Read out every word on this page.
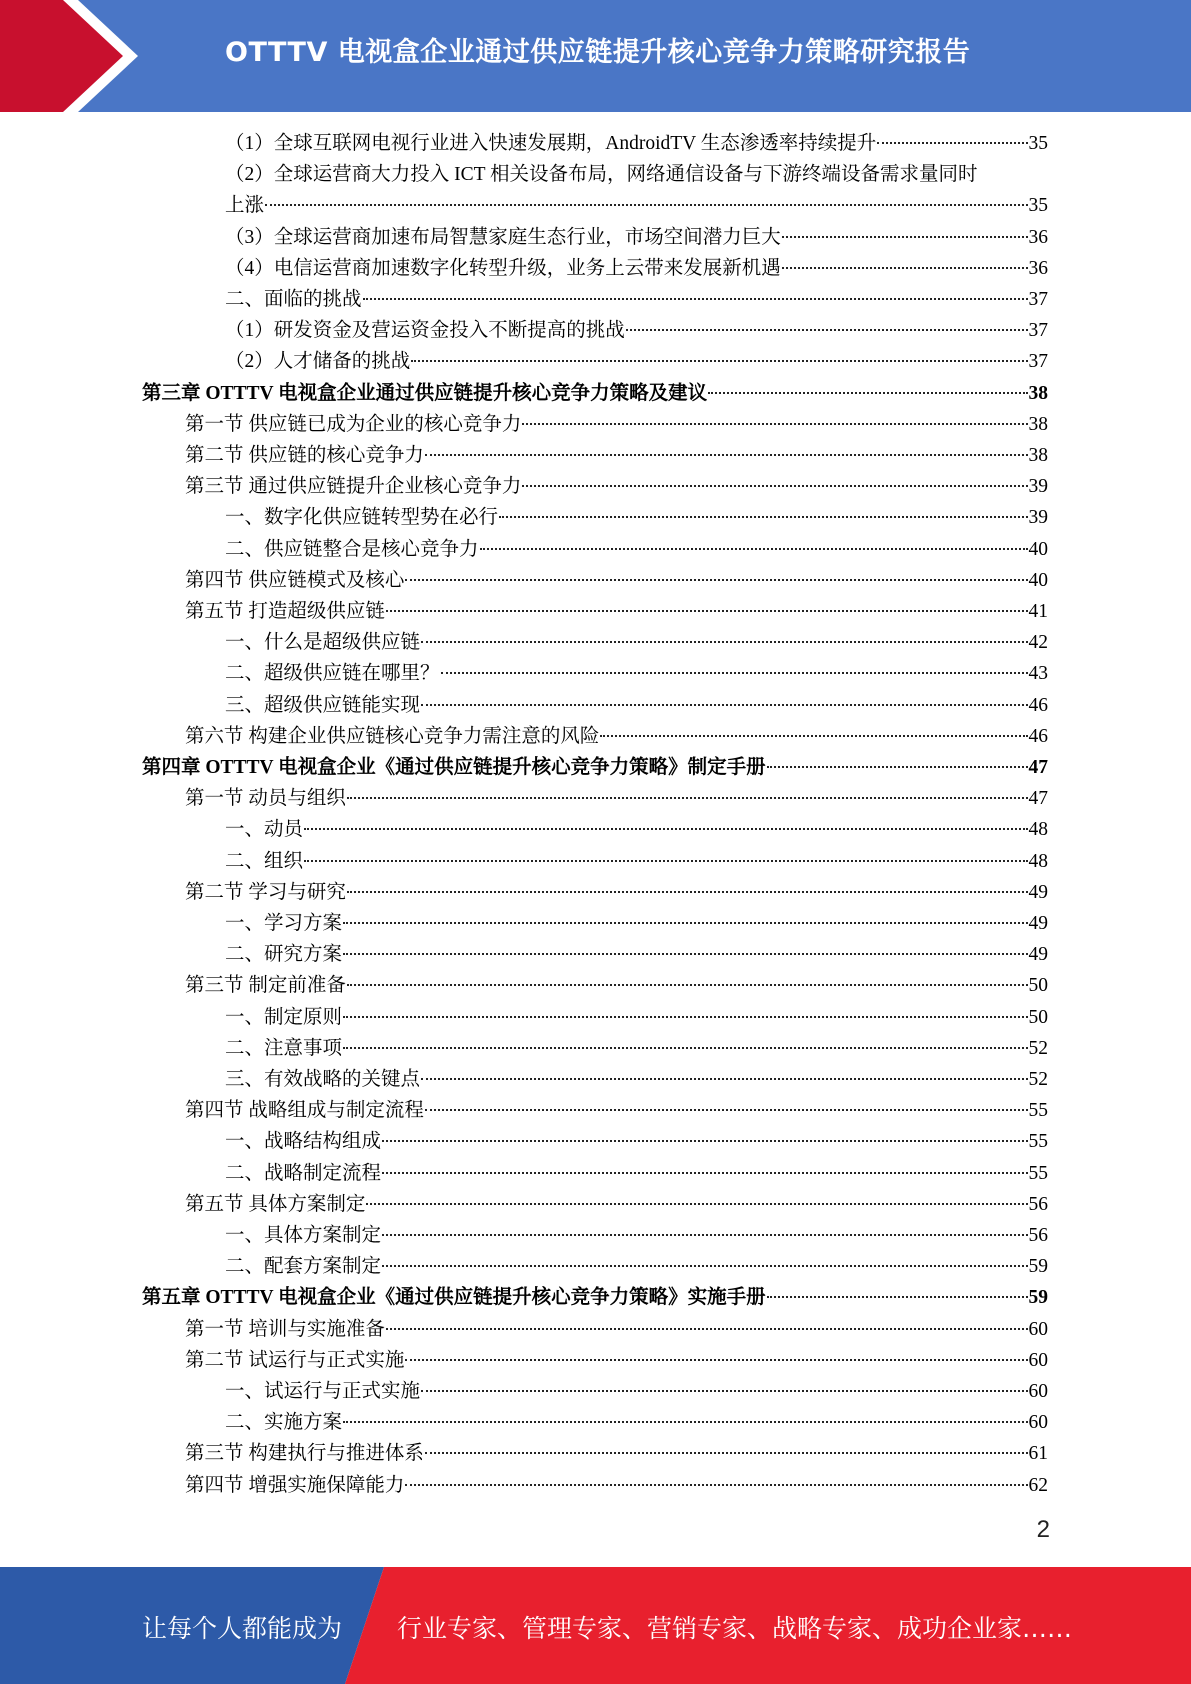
OTTTV 电视盒企业通过供应链提升核心竞争力策略研究报告
（1）全球互联网电视行业进入快速发展期，AndroidTV 生态渗透率持续提升	35
（2）全球运营商大力投入 ICT 相关设备布局，网络通信设备与下游终端设备需求量同时
上涨	35
（3）全球运营商加速布局智慧家庭生态行业，市场空间潜力巨大	36
（4）电信运营商加速数字化转型升级，业务上云带来发展新机遇	36
二、面临的挑战	37
（1）研发资金及营运资金投入不断提高的挑战	37
（2）人才储备的挑战	37
第三章 OTTTV 电视盒企业通过供应链提升核心竞争力策略及建议	38
第一节 供应链已成为企业的核心竞争力	38
第二节 供应链的核心竞争力	38
第三节 通过供应链提升企业核心竞争力	39
一、数字化供应链转型势在必行	39
二、供应链整合是核心竞争力	40
第四节 供应链模式及核心	40
第五节 打造超级供应链	41
一、什么是超级供应链	42
二、超级供应链在哪里？	43
三、超级供应链能实现	46
第六节 构建企业供应链核心竞争力需注意的风险	46
第四章 OTTTV 电视盒企业《通过供应链提升核心竞争力策略》制定手册	47
第一节 动员与组织	47
一、动员	48
二、组织	48
第二节 学习与研究	49
一、学习方案	49
二、研究方案	49
第三节 制定前准备	50
一、制定原则	50
二、注意事项	52
三、有效战略的关键点	52
第四节 战略组成与制定流程	55
一、战略结构组成	55
二、战略制定流程	55
第五节 具体方案制定	56
一、具体方案制定	56
二、配套方案制定	59
第五章 OTTTV 电视盒企业《通过供应链提升核心竞争力策略》实施手册	59
第一节 培训与实施准备	60
第二节 试运行与正式实施	60
一、试运行与正式实施	60
二、实施方案	60
第三节 构建执行与推进体系	61
第四节 增强实施保障能力	62
2
让每个人都能成为 行业专家、管理专家、营销专家、战略专家、成功企业家……
